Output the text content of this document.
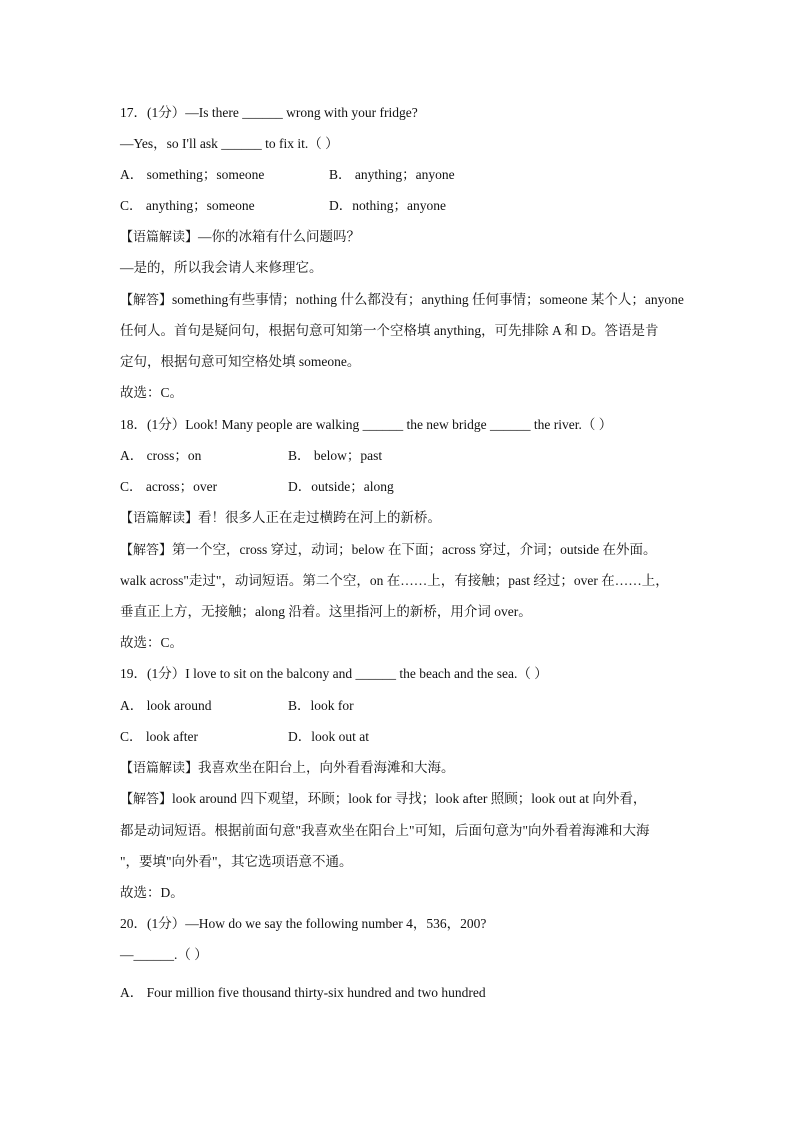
17．(1分）—Is there ______ wrong with your fridge?
—Yes，so I'll ask ______ to fix it.（ ）
A． something；someone	B． anything；anyone
C． anything；someone	D．nothing；anyone
【语篇解读】—你的冰箱有什么问题吗？
—是的，所以我会请人来修理它。
【解答】something有些事情；nothing 什么都没有；anything 任何事情；someone 某个人；anyone
任何人。首句是疑问句，根据句意可知第一个空格填 anything，可先排除 A 和 D。答语是肯
定句，根据句意可知空格处填 someone。
故选：C。
18．(1分）Look! Many people are walking ______ the new bridge ______ the river.（ ）
A． cross；on	B． below；past
C． across；over	D．outside；along
【语篇解读】看！很多人正在走过横跨在河上的新桥。
【解答】第一个空，cross 穿过，动词；below 在下面；across 穿过，介词；outside 在外面。
walk across"走过"，动词短语。第二个空，on 在……上，有接触；past 经过；over 在……上，
垂直正上方，无接触；along 沿着。这里指河上的新桥，用介词 over。
故选：C。
19．(1分）I love to sit on the balcony and ______ the beach and the sea.（ ）
A． look around	B．look for
C． look after	D．look out at
【语篇解读】我喜欢坐在阳台上，向外看看海滩和大海。
【解答】look around 四下观望，环顾；look for 寻找；look after 照顾；look out at 向外看，
都是动词短语。根据前面句意"我喜欢坐在阳台上"可知，后面句意为"向外看着海滩和大海
"，要填"向外看"，其它选项语意不通。
故选：D。
20．(1分）—How do we say the following number 4，536，200?
—______.（ ）
A． Four million five thousand thirty-six hundred and two hundred
